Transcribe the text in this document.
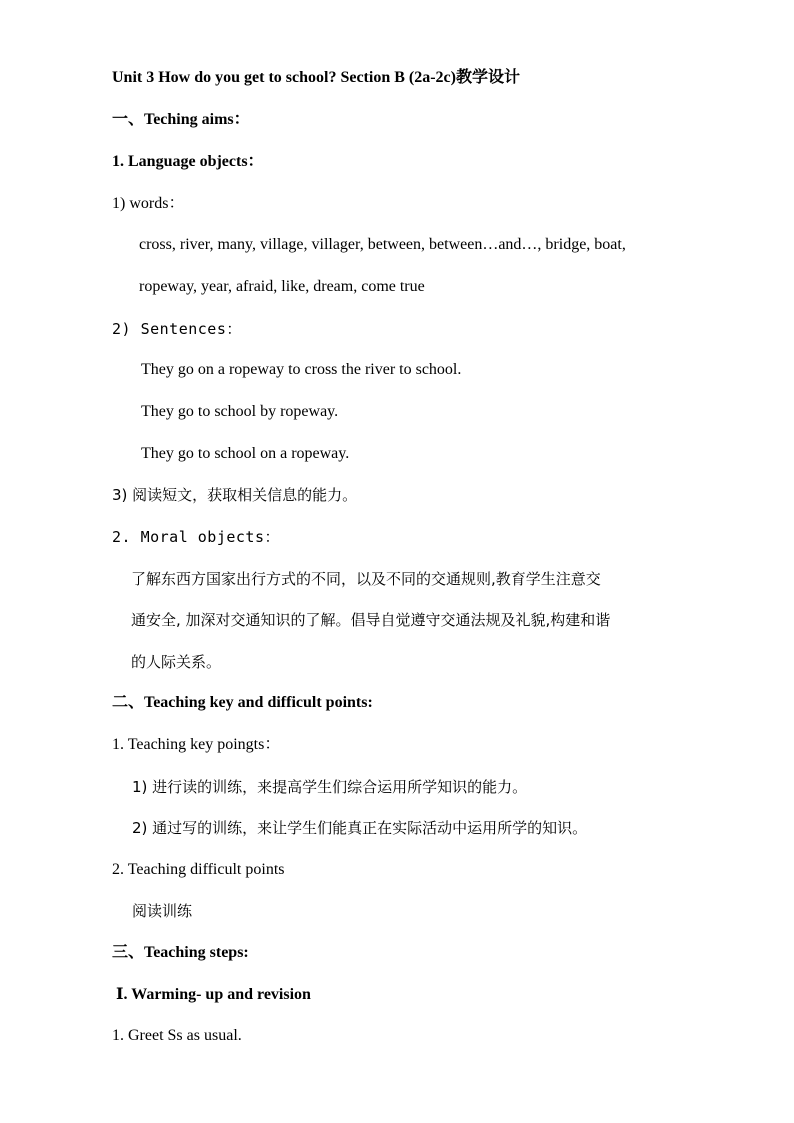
Unit 3 How do you get to school? Section B (2a-2c)教学设计
一、Teching aims：
1. Language objects：
1) words：
cross, river, many, village, villager, between, between…and…, bridge, boat,
ropeway, year, afraid, like, dream, come true
2) Sentences：
They go on a ropeway to cross the river to school.
They go to school by ropeway.
They go to school on a ropeway.
3) 阅读短文，获取相关信息的能力。
2. Moral objects：
了解东西方国家出行方式的不同，以及不同的交通规则,教育学生注意交
通安全, 加深对交通知识的了解。倡导自觉遵守交通法规及礼貌,构建和谐
的人际关系。
二、Teaching key and difficult points:
1. Teaching key poingts：
1) 进行读的训练，来提高学生们综合运用所学知识的能力。
2) 通过写的训练，来让学生们能真正在实际活动中运用所学的知识。
2. Teaching difficult points
阅读训练
三、Teaching steps:
Ⅰ. Warming- up and revision
1. Greet Ss as usual.
